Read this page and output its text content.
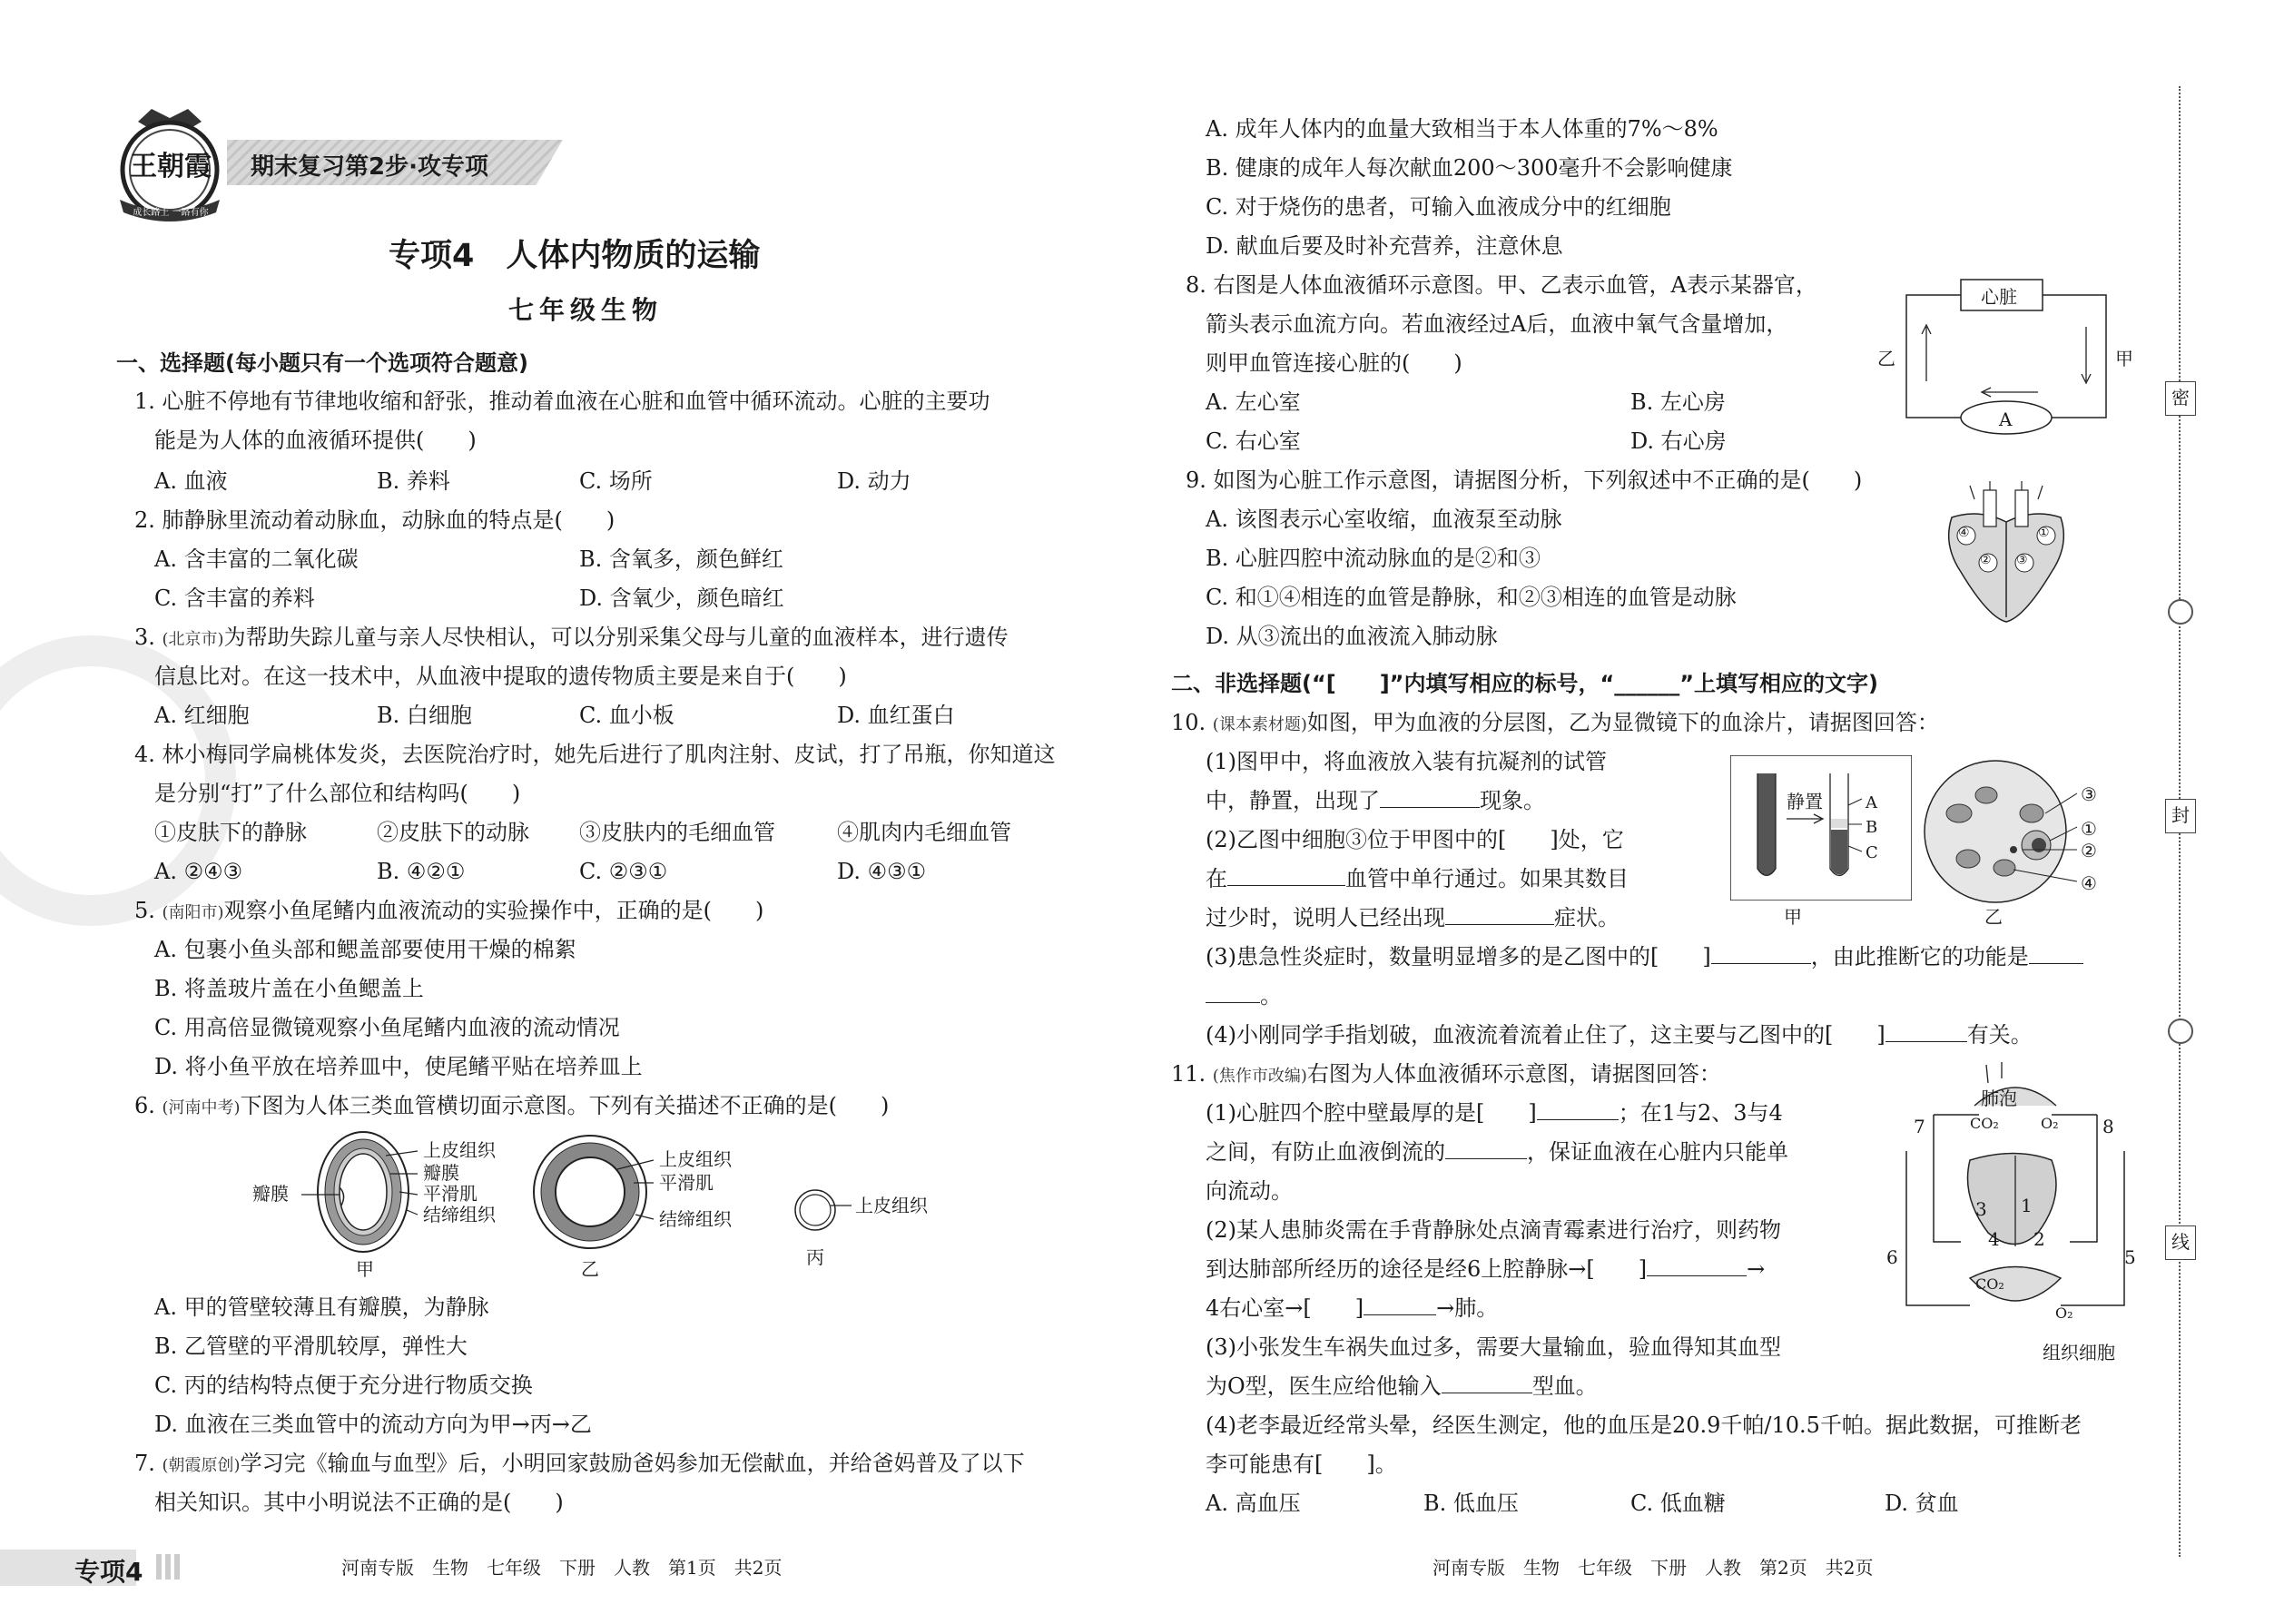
王朝霞
成长路上 一路有你
期末复习第2步·攻专项
专项4　人体内物质的运输
七年级生物
一、选择题(每小题只有一个选项符合题意)
1. 心脏不停地有节律地收缩和舒张，推动着血液在心脏和血管中循环流动。心脏的主要功
能是为人体的血液循环提供(　　)
A. 血液	B. 养料	C. 场所	D. 动力
2. 肺静脉里流动着动脉血，动脉血的特点是(　　)
A. 含丰富的二氧化碳	B. 含氧多，颜色鲜红
C. 含丰富的养料	D. 含氧少，颜色暗红
3. (北京市)为帮助失踪儿童与亲人尽快相认，可以分别采集父母与儿童的血液样本，进行遗传
信息比对。在这一技术中，从血液中提取的遗传物质主要是来自于(　　)
A. 红细胞	B. 白细胞	C. 血小板	D. 血红蛋白
4. 林小梅同学扁桃体发炎，去医院治疗时，她先后进行了肌肉注射、皮试，打了吊瓶，你知道这
是分别“打”了什么部位和结构吗(　　)
①皮肤下的静脉	②皮肤下的动脉 ③皮肤内的毛细血管	④肌肉内毛细血管
A. ②④③	B. ④②①	C. ②③①	D. ④③①
5. (南阳市)观察小鱼尾鳍内血液流动的实验操作中，正确的是(　　)
A. 包裹小鱼头部和鳃盖部要使用干燥的棉絮
B. 将盖玻片盖在小鱼鳃盖上
C. 用高倍显微镜观察小鱼尾鳍内血液的流动情况
D. 将小鱼平放在培养皿中，使尾鳍平贴在培养皿上
6. (河南中考)下图为人体三类血管横切面示意图。下列有关描述不正确的是(　　)
瓣膜
上皮组织
瓣膜
平滑肌
结缔组织
上皮组织
平滑肌
结缔组织
上皮组织
甲	乙
丙
A. 甲的管壁较薄且有瓣膜，为静脉
B. 乙管壁的平滑肌较厚，弹性大
C. 丙的结构特点便于充分进行物质交换
D. 血液在三类血管中的流动方向为甲→丙→乙
7. (朝霞原创)学习完《输血与血型》后，小明回家鼓励爸妈参加无偿献血，并给爸妈普及了以下
相关知识。其中小明说法不正确的是(　　)
专项4	河南专版　生物　七年级　下册　人教　第1页　共2页
A. 成年人体内的血量大致相当于本人体重的7%～8%
B. 健康的成年人每次献血200～300毫升不会影响健康
C. 对于烧伤的患者，可输入血液成分中的红细胞
D. 献血后要及时补充营养，注意休息
8. 右图是人体血液循环示意图。甲、乙表示血管，A表示某器官，
箭头表示血流方向。若血液经过A后，血液中氧气含量增加，
则甲血管连接心脏的(　　)
A. 左心室	B. 左心房
C. 右心室	D. 右心房
心脏
A
乙	甲
9. 如图为心脏工作示意图，请据图分析，下列叙述中不正确的是(　　)
A. 该图表示心室收缩，血液泵至动脉
B. 心脏四腔中流动脉血的是②和③
C. 和①④相连的血管是静脉，和②③相连的血管是动脉
D. 从③流出的血液流入肺动脉
④	①
② ③
二、非选择题(“[　　]”内填写相应的标号，“______”上填写相应的文字)
10. (课本素材题)如图，甲为血液的分层图，乙为显微镜下的血涂片，请据图回答：
(1)图甲中，将血液放入装有抗凝剂的试管
中，静置，出现了	现象。
(2)乙图中细胞③位于甲图中的[　　]处，它
在	血管中单行通过。如果其数目
过少时，说明人已经出现	症状。
(3)患急性炎症时，数量明显增多的是乙图中的[　　]	，由此推断它的功能是
。
(4)小刚同学手指划破，血液流着流着止住了，这主要与乙图中的[　　]	有关。
静置	A
B
C
甲
③
①
②
④
乙
11. (焦作市改编)右图为人体血液循环示意图，请据图回答：
(1)心脏四个腔中壁最厚的是[　　]	；在1与2、3与4
之间，有防止血液倒流的	，保证血液在心脏内只能单
向流动。
(2)某人患肺炎需在手背静脉处点滴青霉素进行治疗，则药物
到达肺部所经历的途径是经6上腔静脉→[　　]	→
4右心室→[　　]	→肺。
(3)小张发生车祸失血过多，需要大量输血，验血得知其血型
为O型，医生应给他输入	型血。
(4)老李最近经常头晕，经医生测定，他的血压是20.9千帕/10.5千帕。据此数据，可推断老
李可能患有[　　]。
A. 高血压	B. 低血压	C. 低血糖	D. 贫血
肺泡
CO₂	O₂
7	8
3 1
4 2
6	5
CO₂
O₂
组织细胞
河南专版　生物　七年级　下册　人教　第2页　共2页
密
封
线
